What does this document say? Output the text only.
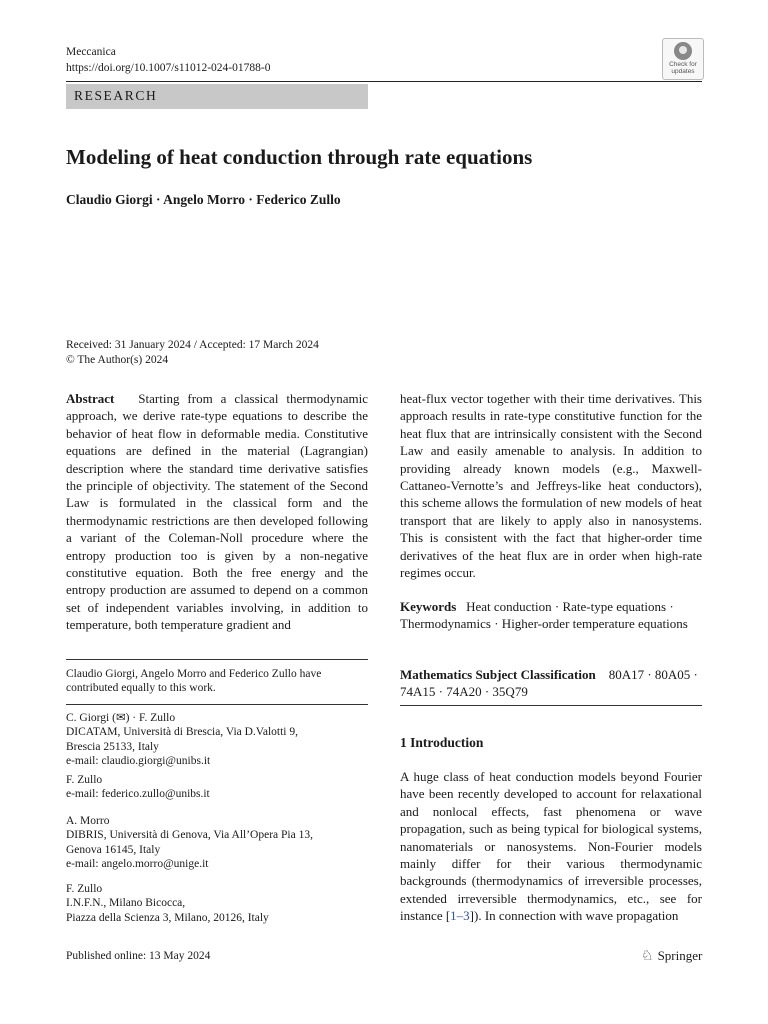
Meccanica
https://doi.org/10.1007/s11012-024-01788-0	Check for
updates
RESEARCH
Modeling of heat conduction through rate equations
Claudio Giorgi · Angelo Morro · Federico Zullo
Received: 31 January 2024 / Accepted: 17 March 2024
© The Author(s) 2024

Abstract Starting from a classical thermodynamic approach, we derive rate-type equations to describe the behavior of heat flow in deformable media. Constitutive equations are defined in the material (Lagrangian) description where the standard time derivative satisfies the principle of objectivity. The statement of the Second Law is formulated in the classical form and the thermodynamic restrictions are then developed following a variant of the Coleman-Noll procedure where the entropy production too is given by a non-negative constitutive equation. Both the free energy and the entropy production are assumed to depend on a common set of independent variables involving, in addition to temperature, both temperature gradient and

heat-flux vector together with their time derivatives. This approach results in rate-type constitutive function for the heat flux that are intrinsically consistent with the Second Law and easily amenable to analysis. In addition to providing already known models (e.g., Maxwell-Cattaneo-Vernotte’s and Jeffreys-like heat conductors), this scheme allows the formulation of new models of heat transport that are likely to apply also in nanosystems. This is consistent with the fact that higher-order time derivatives of the heat flux are in order when high-rate regimes occur.

Keywords Heat conduction · Rate-type equations · Thermodynamics · Higher-order temperature equations
Mathematics Subject Classification 80A17 · 80A05 · 74A15 · 74A20 · 35Q79
1 Introduction
A huge class of heat conduction models beyond Fourier have been recently developed to account for relaxational and nonlocal effects, fast phenomena or wave propagation, such as being typical for biological systems, nanomaterials or nanosystems. Non-Fourier models mainly differ for their various thermodynamic backgrounds (thermodynamics of irreversible processes, extended irreversible thermodynamics, etc., see for instance [1–3]). In connection with wave propagation
Claudio Giorgi, Angelo Morro and Federico Zullo have contributed equally to this work.
C. Giorgi (✉) · F. Zullo
DICATAM, Università di Brescia, Via D.Valotti 9,
Brescia 25133, Italy
e-mail: claudio.giorgi@unibs.it
F. Zullo
e-mail: federico.zullo@unibs.it
A. Morro
DIBRIS, Università di Genova, Via All’Opera Pia 13,
Genova 16145, Italy
e-mail: angelo.morro@unige.it
F. Zullo
I.N.F.N., Milano Bicocca,
Piazza della Scienza 3, Milano, 20126, Italy
Published online: 13 May 2024	♘ Springer
